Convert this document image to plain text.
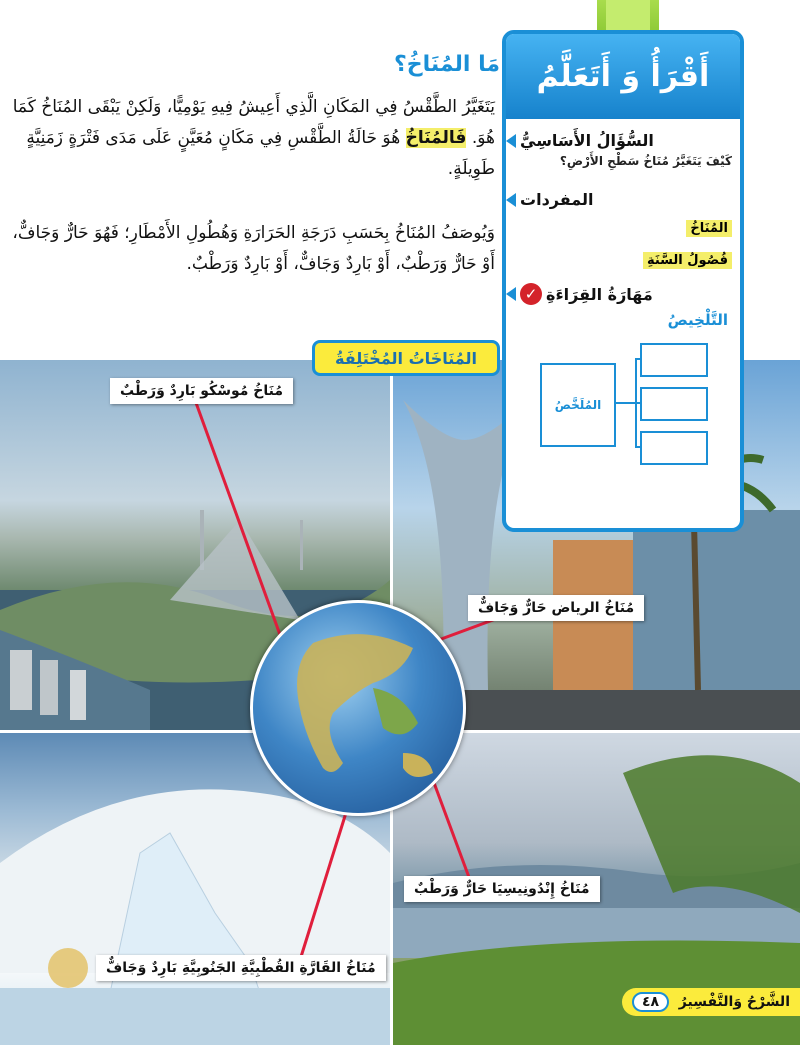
مَا المُنَاخُ؟
يَتَغَيَّرُ الطَّقْسُ فِي المَكَانِ الَّذِي أَعِيشُ فِيهِ يَوْمِيًّا، وَلَكِنْ يَبْقَى المُنَاخُ كَمَا هُوَ. فَالمُنَاخُ هُوَ حَالَةُ الطَّقْسِ فِي مَكَانٍ مُعَيَّنٍ عَلَى مَدَى فَتْرَةٍ زَمَنِيَّةٍ طَوِيلَةٍ.
وَيُوصَفُ المُنَاخُ بِحَسَبِ دَرَجَةِ الحَرَارَةِ وَهُطُولِ الأَمْطَارِ؛ فَهُوَ حَارٌّ وَجَافٌّ، أَوْ حَارٌّ وَرَطْبٌ، أَوْ بَارِدٌ وَجَافٌّ، أَوْ بَارِدٌ وَرَطْبٌ.
مُنَاخُ مُوسْكُو بَارِدٌ وَرَطْبٌ
مُنَاخُ الرياض حَارٌّ وَجَافٌّ
مُنَاخُ إِنْدُونِيسِيَا حَارٌّ وَرَطْبٌ
مُنَاخُ القَارَّةِ القُطْبِيَّةِ الجَنُوبِيَّةِ بَارِدٌ وَجَافٌّ
المُنَاخَاتُ المُخْتَلِفَةُ
أَقْرَأُ وَ أَتَعَلَّمُ
السُّؤَالُ الأَسَاسِيُّ
كَيْفَ يَتَغَيَّرُ مُنَاخُ سَطْحِ الأَرْضِ؟
المفردات
المُنَاخُ
فُصُولُ السَّنَةِ
مَهَارَةُ القِرَاءَةِ
✓
التَّلْخِيصُ
المُلَخَّصُ
٤٨	الشَّرْحُ وَالتَّفْسِيرُ
